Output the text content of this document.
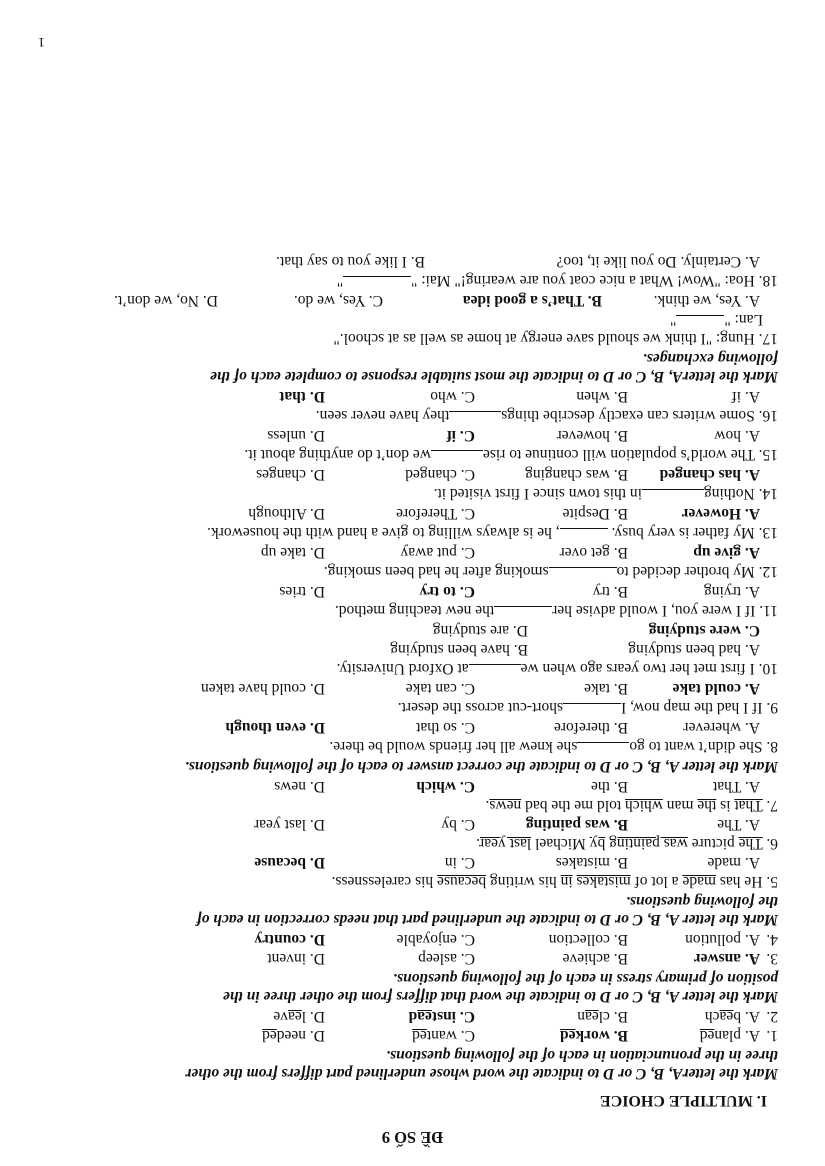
ĐỀ SỐ 9
I. MULTIPLE CHOICE
Mark the letterA, B, C or D to indicate the word whose underlined part differs from the other
three in the pronunciation in each of the following questions.
1.
A. planed
B. worked
C. wanted
D. needed
2.
A. beach
B. clean
C. instead
D. leave
Mark the letter A, B, C or D to indicate the word that differs from the other three in the
position of primary stress in each of the following questions.
3.
A. answer
B. achieve
C. asleep
D. invent
4.
A. pollution
B. collection
C. enjoyable
D. country
Mark the letter A, B, C or D to indicate the underlined part that needs correction in each of
the following questions.
5. He has made a lot of mistakes in his writing because his carelessness.
A. made
B. mistakes
C. in
D. because
6. The picture was painting by Michael last year.
A. The
B. was painting
C. by
D. last year
7. That is the man which told me the bad news.
A. That
B. the
C. which
D. news
Mark the letter A, B, C or D to indicate the correct answer to each of the following questions.
8. She didn’t want to goshe knew all her friends would be there.
A. wherever
B. therefore
C. so that
D. even though
9. If I had the map now, Ishort-cut across the desert.
A. could take
B. take
C. can take
D. could have taken
10. I first met her two years ago when weat Oxford University.
A. had been studying
B. have been studying
C. were studying
D. are studying
11. If I were you, I would advise herthe new teaching method.
A. trying
B. try
C. to try
D. tries
12. My brother decided tosmoking after he had been smoking.
A. give up
B. get over
C. put away
D. take up
13. My father is very busy. , he is always willing to give a hand with the housework.
A. However
B. Despite
C. Therefore
D. Although
14. Nothingin this town since I first visited it.
A. has changed
B. was changing
C. changed
D. changes
15. The world’s population will continue to risewe don’t do anything about it.
A. how
B. however
C. if
D. unless
16. Some writers can exactly describe thingsthey have never seen.
A. if
B. when
C. who
D. that
Mark the letterA, B, C or D to indicate the most suitable response to complete each of the
following exchanges.
17. Hung: "I think we should save energy at home as well as at school."
Lan: ""
A. Yes, we think.
B. That’s a good idea
C. Yes, we do.
D. No, we don’t.
18. Hoa: "Wow! What a nice coat you are wearing!" Mai: ""
A. Certainly. Do you like it, too?
B. I like you to say that.
1
